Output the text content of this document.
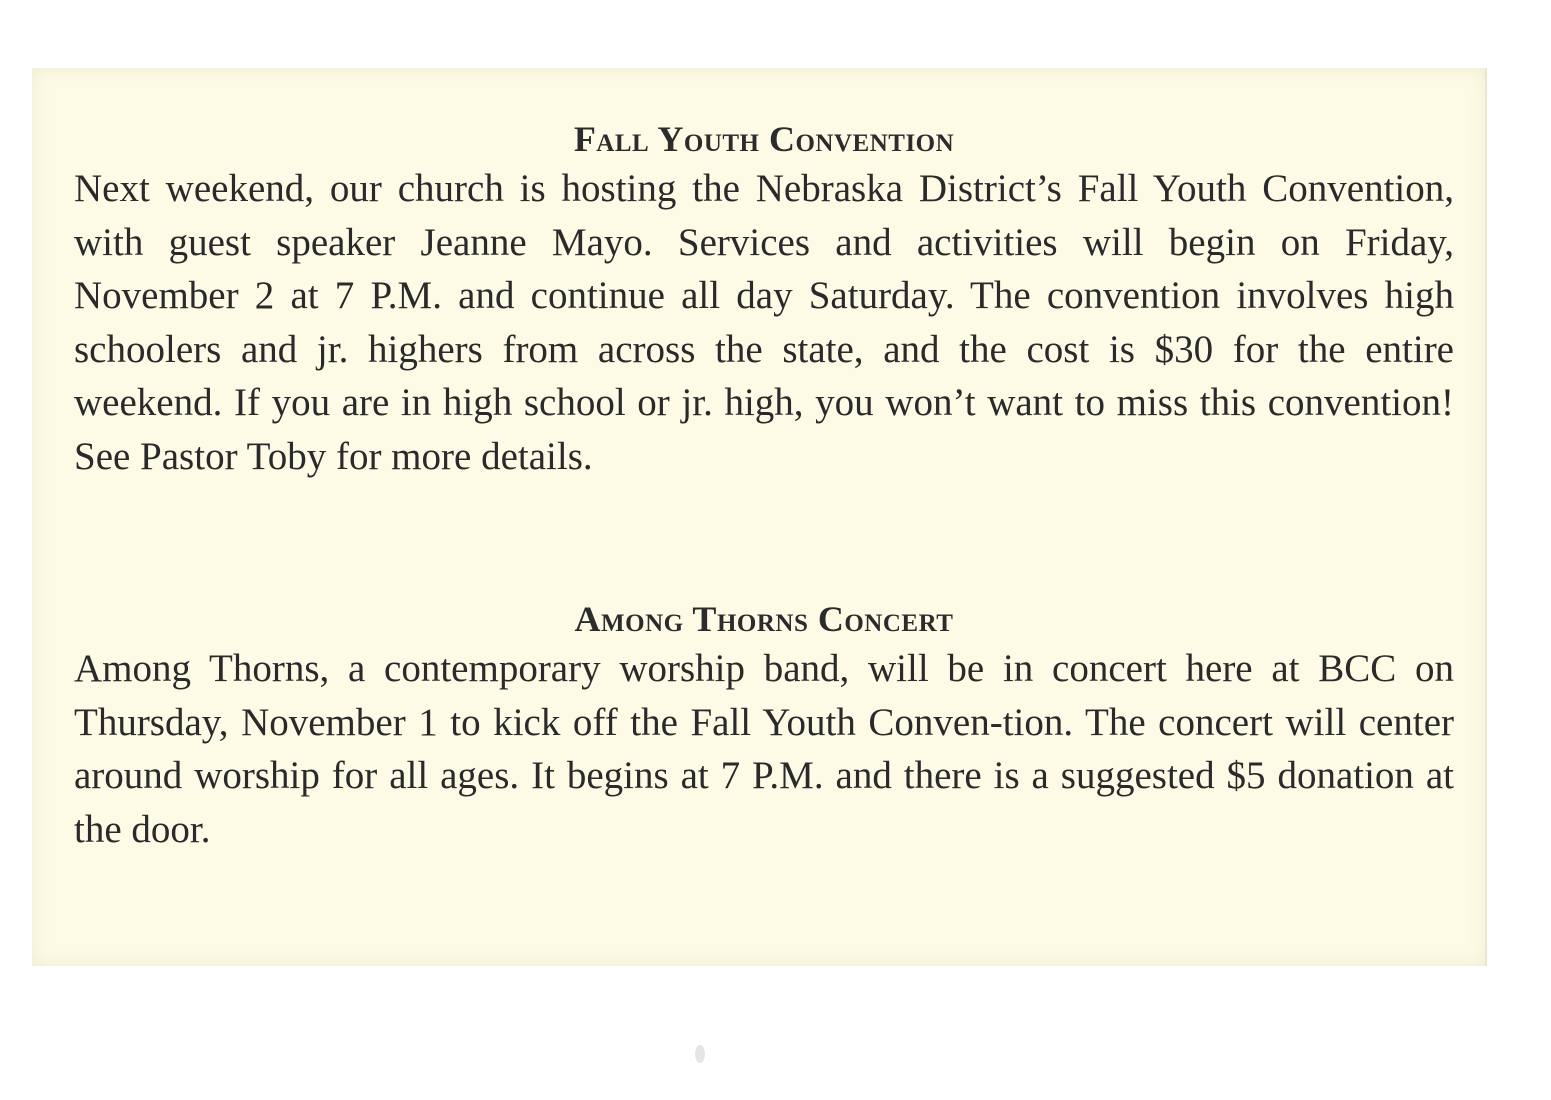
Fall Youth Convention

Next weekend, our church is hosting the Nebraska District’s Fall Youth Convention, with guest speaker Jeanne Mayo. Services and activities will begin on Friday, November 2 at 7 P.M. and continue all day Saturday. The convention involves high schoolers and jr. highers from across the state, and the cost is $30 for the entire weekend. If you are in high school or jr. high, you won’t want to miss this convention! See Pastor Toby for more details.

Among Thorns Concert

Among Thorns, a contemporary worship band, will be in concert here at BCC on Thursday, November 1 to kick off the Fall Youth Conven-tion. The concert will center around worship for all ages. It begins at 7 P.M. and there is a suggested $5 donation at the door.
